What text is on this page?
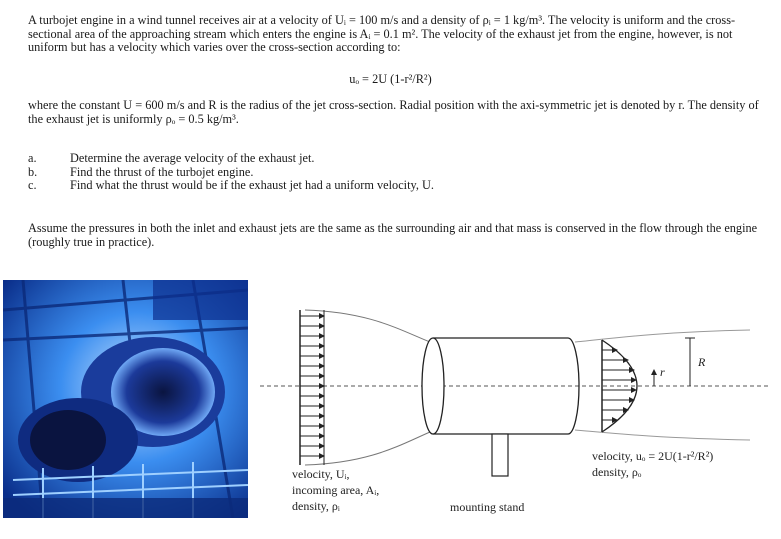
A turbojet engine in a wind tunnel receives air at a velocity of Uᵢ = 100 m/s and a density of ρᵢ = 1 kg/m³. The velocity is uniform and the cross-sectional area of the approaching stream which enters the engine is Aᵢ = 0.1 m². The velocity of the exhaust jet from the engine, however, is not uniform but has a velocity which varies over the cross-section according to:
uₒ = 2U (1-r²/R²)
where the constant U = 600 m/s and R is the radius of the jet cross-section. Radial position with the axi-symmetric jet is denoted by r. The density of the exhaust jet is uniformly ρₒ = 0.5 kg/m³.
a.	Determine the average velocity of the exhaust jet.
b.	Find the thrust of the turbojet engine.
c.	Find what the thrust would be if the exhaust jet had a uniform velocity, U.
Assume the pressures in both the inlet and exhaust jets are the same as the surrounding air and that mass is conserved in the flow through the engine (roughly true in practice).
r
R
velocity, Uᵢ,
incoming area, Aᵢ,
density, ρᵢ	mounting stand
velocity, uₒ = 2U(1-r²/R²)
density, ρₒ
